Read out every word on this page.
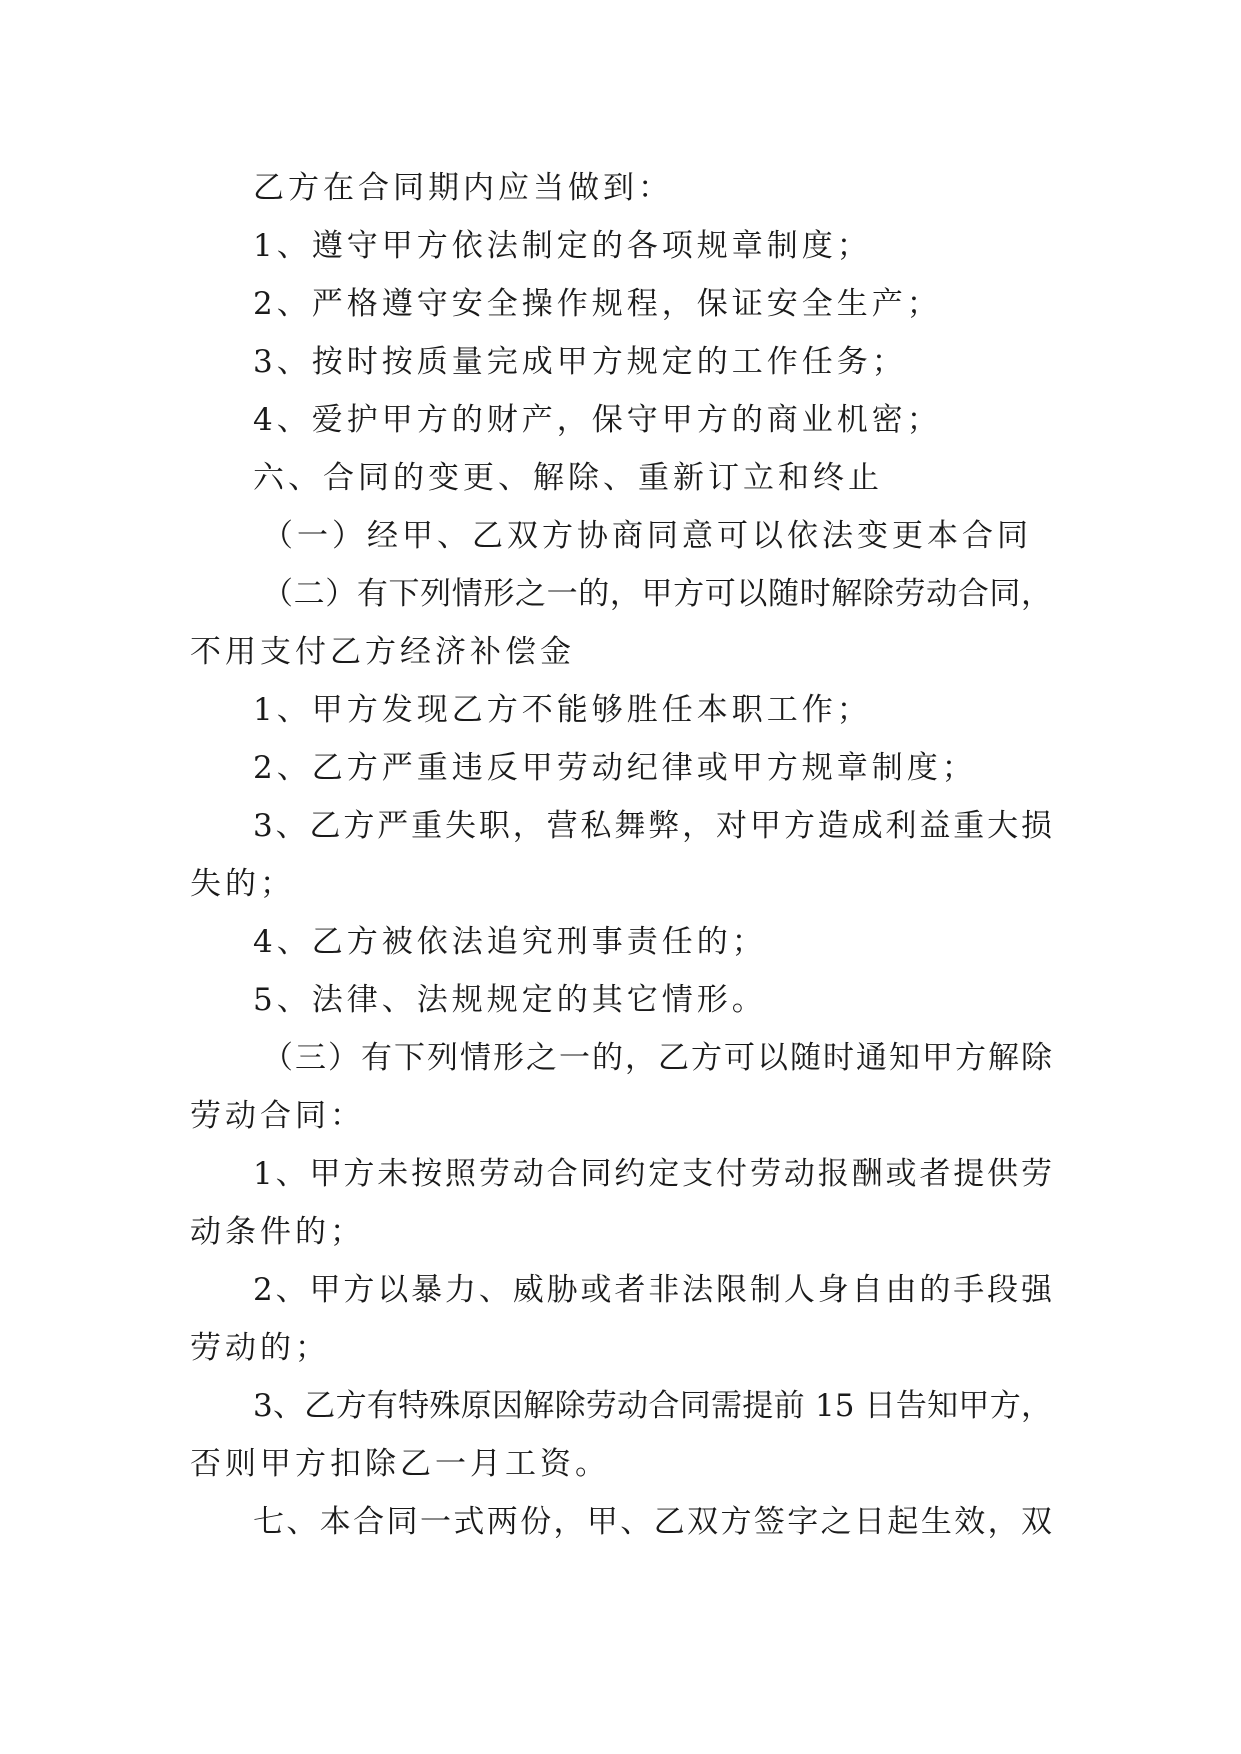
乙方在合同期内应当做到：

1、遵守甲方依法制定的各项规章制度；

2、严格遵守安全操作规程，保证安全生产；

3、按时按质量完成甲方规定的工作任务；

4、爱护甲方的财产，保守甲方的商业机密；

六、合同的变更、解除、重新订立和终止

（一）经甲、乙双方协商同意可以依法变更本合同

（二）有下列情形之一的，甲方可以随时解除劳动合同，

不用支付乙方经济补偿金

1、甲方发现乙方不能够胜任本职工作；

2、乙方严重违反甲劳动纪律或甲方规章制度；

3、乙方严重失职，营私舞弊，对甲方造成利益重大损

失的；

4、乙方被依法追究刑事责任的；

5、法律、法规规定的其它情形。

（三）有下列情形之一的，乙方可以随时通知甲方解除

劳动合同：

1、甲方未按照劳动合同约定支付劳动报酬或者提供劳

动条件的；

2、甲方以暴力、威胁或者非法限制人身自由的手段强

劳动的；

3、乙方有特殊原因解除劳动合同需提前 15 日告知甲方，

否则甲方扣除乙一月工资。

七、本合同一式两份，甲、乙双方签字之日起生效，双
